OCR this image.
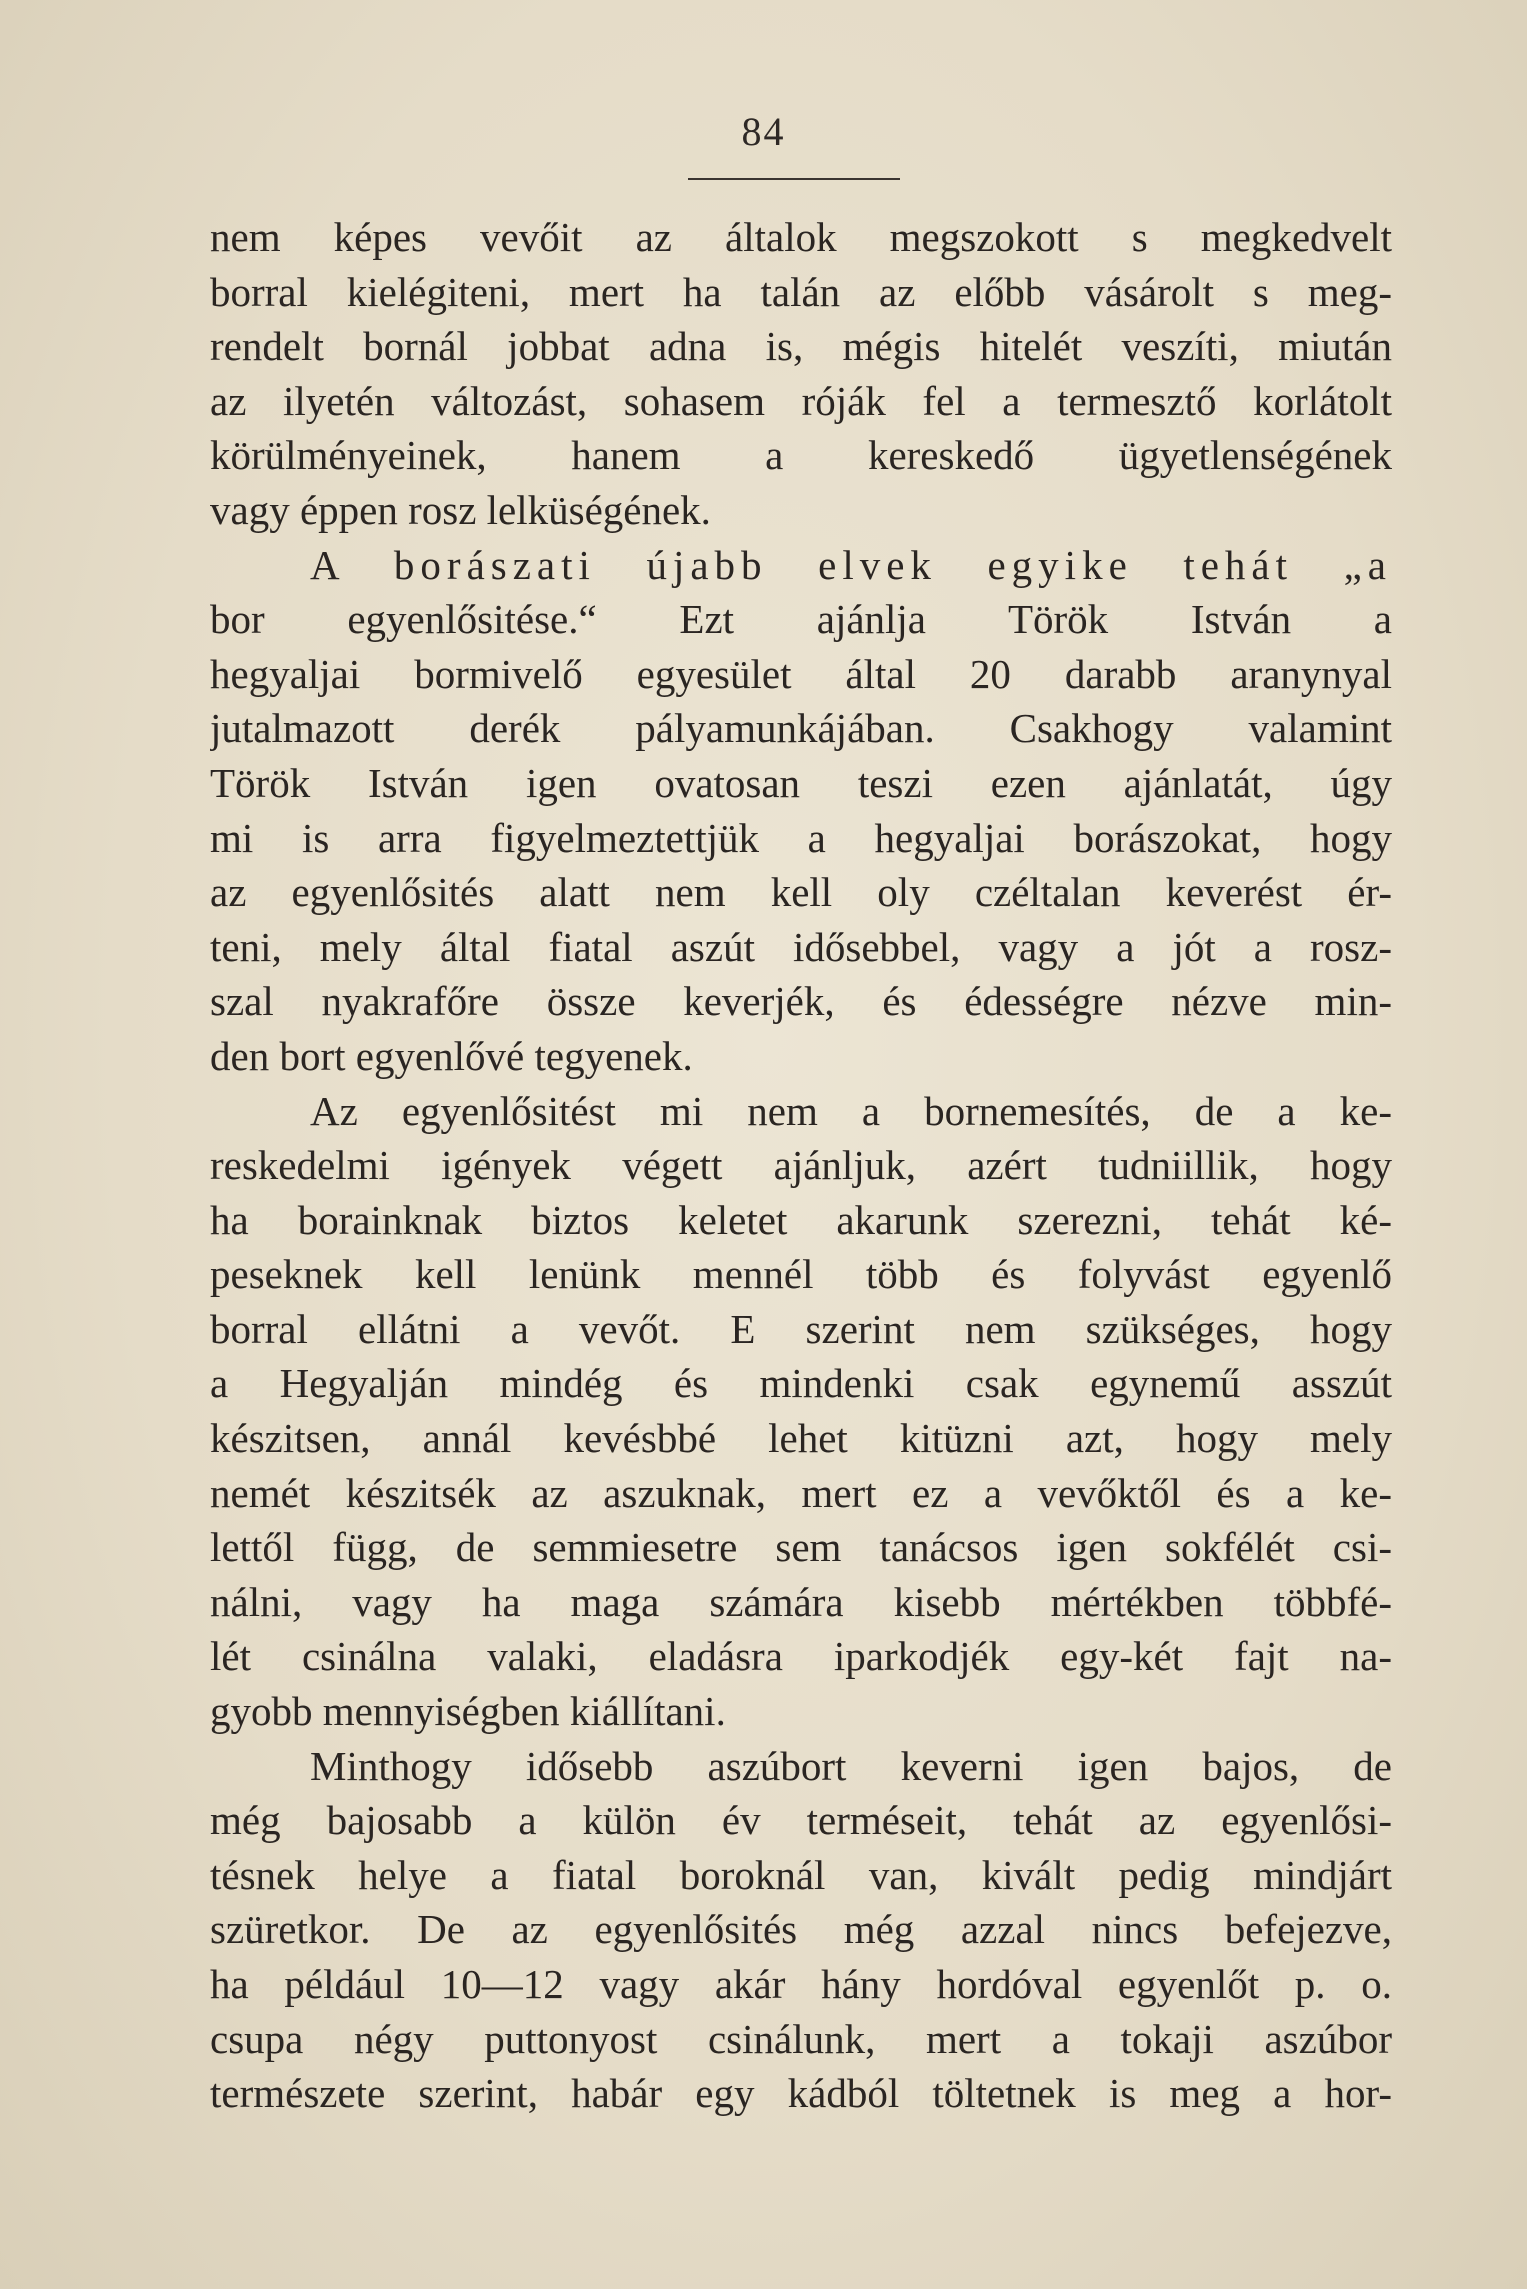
84
nem képes vevőit az általok megszokott s megkedvelt
borral kielégiteni, mert ha talán az előbb vásárolt s meg-
rendelt bornál jobbat adna is, mégis hitelét veszíti, miután
az ilyetén változást, sohasem róják fel a termesztő korlátolt
körülményeinek, hanem a kereskedő ügyetlenségének
vagy éppen rosz lelküségének.
A borászati újabb elvek egyike tehát „a
bor egyenlősitése.“ Ezt ajánlja Török István a
hegyaljai bormivelő egyesület által 20 darabb aranynyal
jutalmazott derék pályamunkájában. Csakhogy valamint
Török István igen ovatosan teszi ezen ajánlatát, úgy
mi is arra figyelmeztettjük a hegyaljai borászokat, hogy
az egyenlősités alatt nem kell oly czéltalan keverést ér-
teni, mely által fiatal aszút idősebbel, vagy a jót a rosz-
szal nyakrafőre össze keverjék, és édességre nézve min-
den bort egyenlővé tegyenek.
Az egyenlősitést mi nem a bornemesítés, de a ke-
reskedelmi igények végett ajánljuk, azért tudniillik, hogy
ha borainknak biztos keletet akarunk szerezni, tehát ké-
peseknek kell lenünk mennél több és folyvást egyenlő
borral ellátni a vevőt. E szerint nem szükséges, hogy
a Hegyalján mindég és mindenki csak egynemű asszút
készitsen, annál kevésbbé lehet kitüzni azt, hogy mely
nemét készitsék az aszuknak, mert ez a vevőktől és a ke-
lettől függ, de semmiesetre sem tanácsos igen sokfélét csi-
nálni, vagy ha maga számára kisebb mértékben többfé-
lét csinálna valaki, eladásra iparkodjék egy-két fajt na-
gyobb mennyiségben kiállítani.
Minthogy idősebb aszúbort keverni igen bajos, de
még bajosabb a külön év terméseit, tehát az egyenlősi-
tésnek helye a fiatal boroknál van, kivált pedig mindjárt
szüretkor. De az egyenlősités még azzal nincs befejezve,
ha például 10—12 vagy akár hány hordóval egyenlőt p. o.
csupa négy puttonyost csinálunk, mert a tokaji aszúbor
természete szerint, habár egy kádból töltetnek is meg a hor-
